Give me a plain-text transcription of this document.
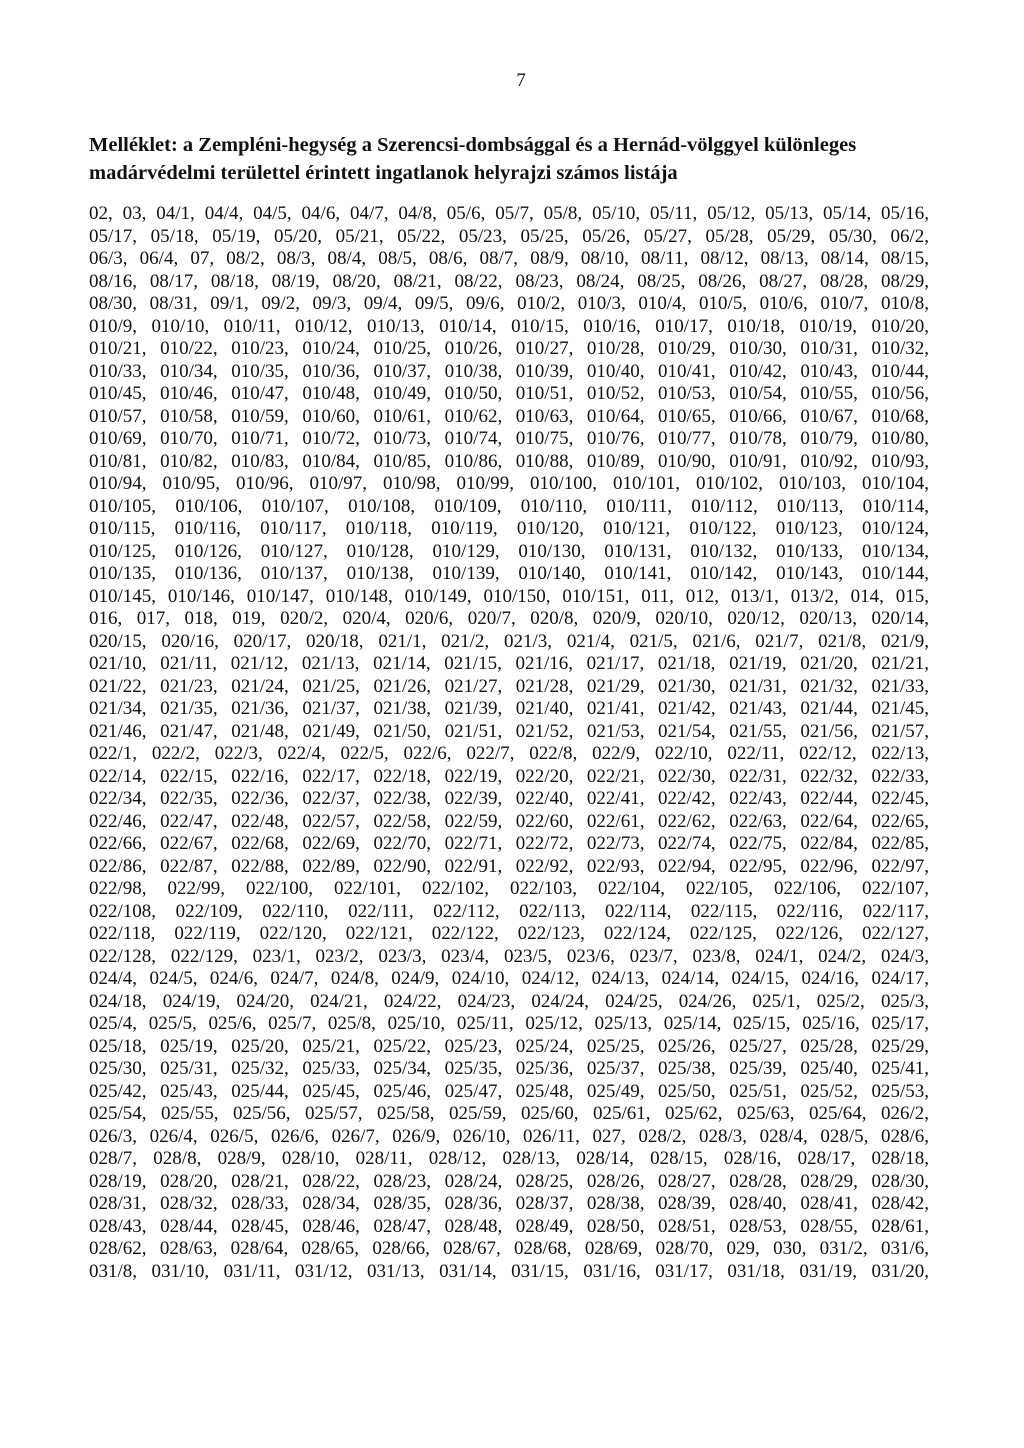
7
Melléklet: a Zempléni-hegység a Szerencsi-dombsággal és a Hernád-völggyel különleges
madárvédelmi területtel érintett ingatlanok helyrajzi számos listája
02, 03, 04/1, 04/4, 04/5, 04/6, 04/7, 04/8, 05/6, 05/7, 05/8, 05/10, 05/11, 05/12, 05/13, 05/14, 05/16,
05/17, 05/18, 05/19, 05/20, 05/21, 05/22, 05/23, 05/25, 05/26, 05/27, 05/28, 05/29, 05/30, 06/2,
06/3, 06/4, 07, 08/2, 08/3, 08/4, 08/5, 08/6, 08/7, 08/9, 08/10, 08/11, 08/12, 08/13, 08/14, 08/15,
08/16, 08/17, 08/18, 08/19, 08/20, 08/21, 08/22, 08/23, 08/24, 08/25, 08/26, 08/27, 08/28, 08/29,
08/30, 08/31, 09/1, 09/2, 09/3, 09/4, 09/5, 09/6, 010/2, 010/3, 010/4, 010/5, 010/6, 010/7, 010/8,
010/9, 010/10, 010/11, 010/12, 010/13, 010/14, 010/15, 010/16, 010/17, 010/18, 010/19, 010/20,
010/21, 010/22, 010/23, 010/24, 010/25, 010/26, 010/27, 010/28, 010/29, 010/30, 010/31, 010/32,
010/33, 010/34, 010/35, 010/36, 010/37, 010/38, 010/39, 010/40, 010/41, 010/42, 010/43, 010/44,
010/45, 010/46, 010/47, 010/48, 010/49, 010/50, 010/51, 010/52, 010/53, 010/54, 010/55, 010/56,
010/57, 010/58, 010/59, 010/60, 010/61, 010/62, 010/63, 010/64, 010/65, 010/66, 010/67, 010/68,
010/69, 010/70, 010/71, 010/72, 010/73, 010/74, 010/75, 010/76, 010/77, 010/78, 010/79, 010/80,
010/81, 010/82, 010/83, 010/84, 010/85, 010/86, 010/88, 010/89, 010/90, 010/91, 010/92, 010/93,
010/94, 010/95, 010/96, 010/97, 010/98, 010/99, 010/100, 010/101, 010/102, 010/103, 010/104,
010/105, 010/106, 010/107, 010/108, 010/109, 010/110, 010/111, 010/112, 010/113, 010/114,
010/115, 010/116, 010/117, 010/118, 010/119, 010/120, 010/121, 010/122, 010/123, 010/124,
010/125, 010/126, 010/127, 010/128, 010/129, 010/130, 010/131, 010/132, 010/133, 010/134,
010/135, 010/136, 010/137, 010/138, 010/139, 010/140, 010/141, 010/142, 010/143, 010/144,
010/145, 010/146, 010/147, 010/148, 010/149, 010/150, 010/151, 011, 012, 013/1, 013/2, 014, 015,
016, 017, 018, 019, 020/2, 020/4, 020/6, 020/7, 020/8, 020/9, 020/10, 020/12, 020/13, 020/14,
020/15, 020/16, 020/17, 020/18, 021/1, 021/2, 021/3, 021/4, 021/5, 021/6, 021/7, 021/8, 021/9,
021/10, 021/11, 021/12, 021/13, 021/14, 021/15, 021/16, 021/17, 021/18, 021/19, 021/20, 021/21,
021/22, 021/23, 021/24, 021/25, 021/26, 021/27, 021/28, 021/29, 021/30, 021/31, 021/32, 021/33,
021/34, 021/35, 021/36, 021/37, 021/38, 021/39, 021/40, 021/41, 021/42, 021/43, 021/44, 021/45,
021/46, 021/47, 021/48, 021/49, 021/50, 021/51, 021/52, 021/53, 021/54, 021/55, 021/56, 021/57,
022/1, 022/2, 022/3, 022/4, 022/5, 022/6, 022/7, 022/8, 022/9, 022/10, 022/11, 022/12, 022/13,
022/14, 022/15, 022/16, 022/17, 022/18, 022/19, 022/20, 022/21, 022/30, 022/31, 022/32, 022/33,
022/34, 022/35, 022/36, 022/37, 022/38, 022/39, 022/40, 022/41, 022/42, 022/43, 022/44, 022/45,
022/46, 022/47, 022/48, 022/57, 022/58, 022/59, 022/60, 022/61, 022/62, 022/63, 022/64, 022/65,
022/66, 022/67, 022/68, 022/69, 022/70, 022/71, 022/72, 022/73, 022/74, 022/75, 022/84, 022/85,
022/86, 022/87, 022/88, 022/89, 022/90, 022/91, 022/92, 022/93, 022/94, 022/95, 022/96, 022/97,
022/98, 022/99, 022/100, 022/101, 022/102, 022/103, 022/104, 022/105, 022/106, 022/107,
022/108, 022/109, 022/110, 022/111, 022/112, 022/113, 022/114, 022/115, 022/116, 022/117,
022/118, 022/119, 022/120, 022/121, 022/122, 022/123, 022/124, 022/125, 022/126, 022/127,
022/128, 022/129, 023/1, 023/2, 023/3, 023/4, 023/5, 023/6, 023/7, 023/8, 024/1, 024/2, 024/3,
024/4, 024/5, 024/6, 024/7, 024/8, 024/9, 024/10, 024/12, 024/13, 024/14, 024/15, 024/16, 024/17,
024/18, 024/19, 024/20, 024/21, 024/22, 024/23, 024/24, 024/25, 024/26, 025/1, 025/2, 025/3,
025/4, 025/5, 025/6, 025/7, 025/8, 025/10, 025/11, 025/12, 025/13, 025/14, 025/15, 025/16, 025/17,
025/18, 025/19, 025/20, 025/21, 025/22, 025/23, 025/24, 025/25, 025/26, 025/27, 025/28, 025/29,
025/30, 025/31, 025/32, 025/33, 025/34, 025/35, 025/36, 025/37, 025/38, 025/39, 025/40, 025/41,
025/42, 025/43, 025/44, 025/45, 025/46, 025/47, 025/48, 025/49, 025/50, 025/51, 025/52, 025/53,
025/54, 025/55, 025/56, 025/57, 025/58, 025/59, 025/60, 025/61, 025/62, 025/63, 025/64, 026/2,
026/3, 026/4, 026/5, 026/6, 026/7, 026/9, 026/10, 026/11, 027, 028/2, 028/3, 028/4, 028/5, 028/6,
028/7, 028/8, 028/9, 028/10, 028/11, 028/12, 028/13, 028/14, 028/15, 028/16, 028/17, 028/18,
028/19, 028/20, 028/21, 028/22, 028/23, 028/24, 028/25, 028/26, 028/27, 028/28, 028/29, 028/30,
028/31, 028/32, 028/33, 028/34, 028/35, 028/36, 028/37, 028/38, 028/39, 028/40, 028/41, 028/42,
028/43, 028/44, 028/45, 028/46, 028/47, 028/48, 028/49, 028/50, 028/51, 028/53, 028/55, 028/61,
028/62, 028/63, 028/64, 028/65, 028/66, 028/67, 028/68, 028/69, 028/70, 029, 030, 031/2, 031/6,
031/8, 031/10, 031/11, 031/12, 031/13, 031/14, 031/15, 031/16, 031/17, 031/18, 031/19, 031/20,
